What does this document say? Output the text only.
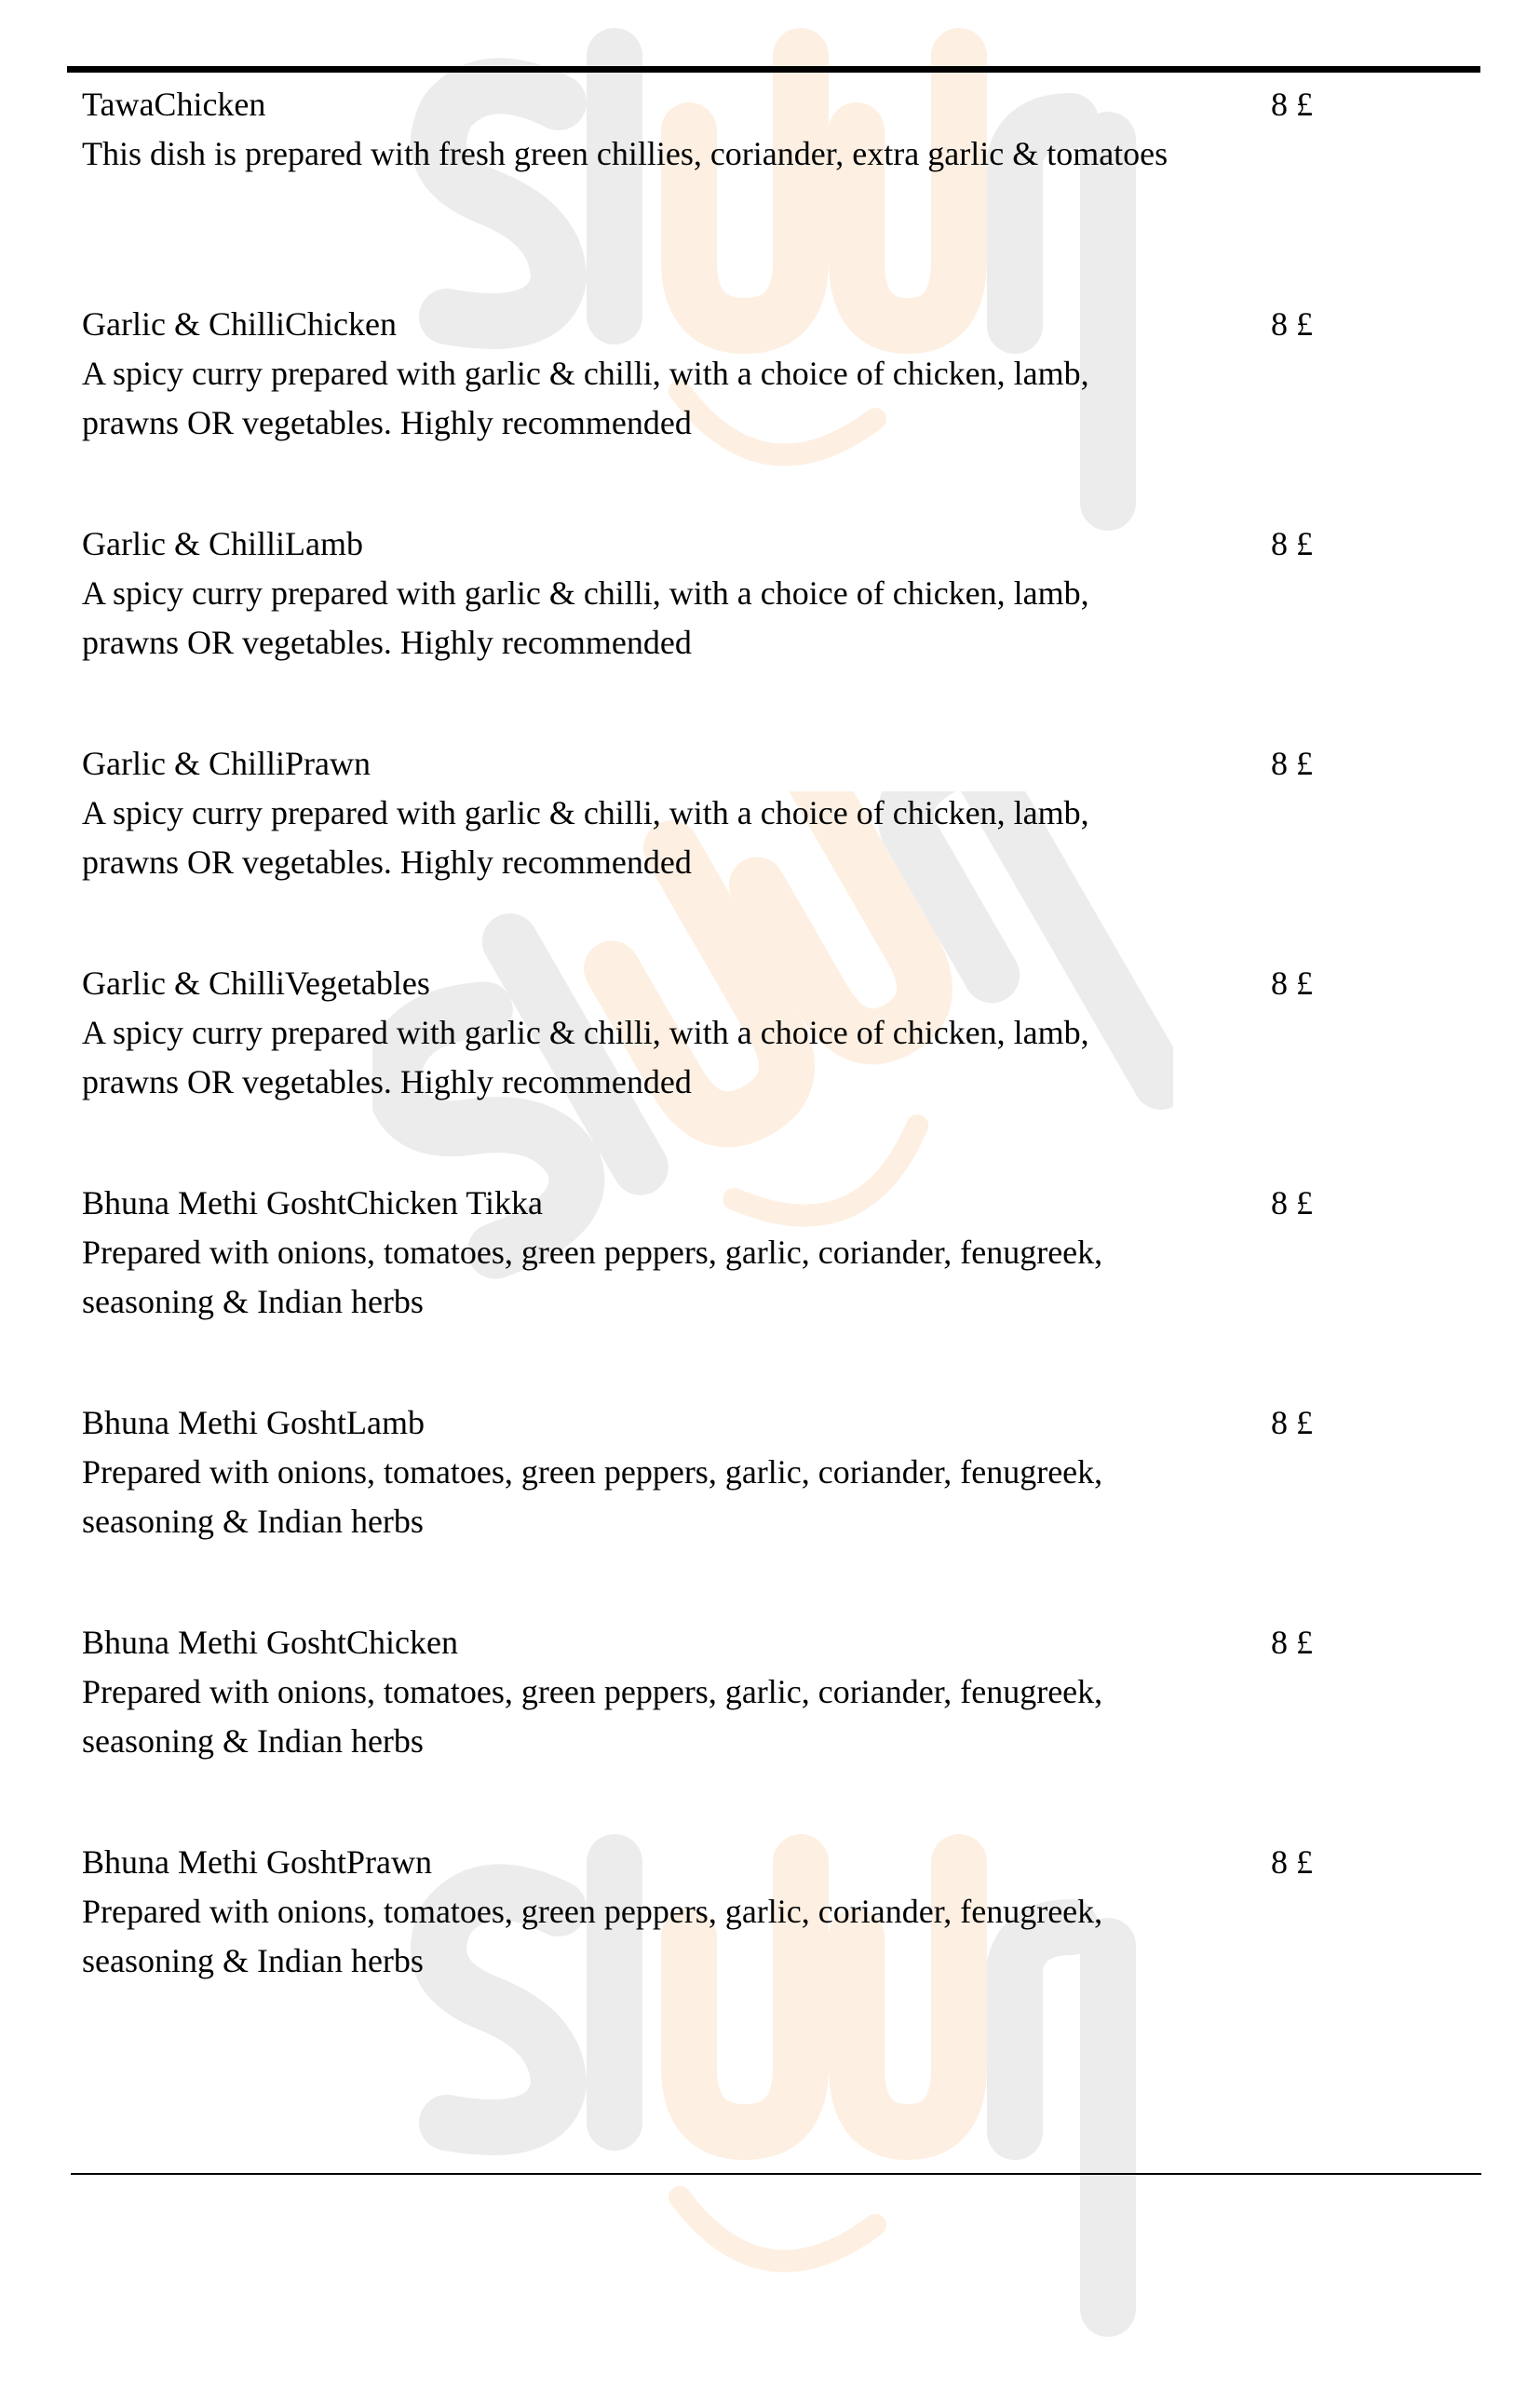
TawaChicken
This dish is prepared with fresh green chillies, coriander, extra garlic & tomatoes
8 £
Garlic & ChilliChicken
A spicy curry prepared with garlic & chilli, with a choice of chicken, lamb, prawns OR vegetables. Highly recommended
8 £
Garlic & ChilliLamb
A spicy curry prepared with garlic & chilli, with a choice of chicken, lamb, prawns OR vegetables. Highly recommended
8 £
Garlic & ChilliPrawn
A spicy curry prepared with garlic & chilli, with a choice of chicken, lamb, prawns OR vegetables. Highly recommended
8 £
Garlic & ChilliVegetables
A spicy curry prepared with garlic & chilli, with a choice of chicken, lamb, prawns OR vegetables. Highly recommended
8 £
Bhuna Methi GoshtChicken Tikka
Prepared with onions, tomatoes, green peppers, garlic, coriander, fenugreek, seasoning & Indian herbs
8 £
Bhuna Methi GoshtLamb
Prepared with onions, tomatoes, green peppers, garlic, coriander, fenugreek, seasoning & Indian herbs
8 £
Bhuna Methi GoshtChicken
Prepared with onions, tomatoes, green peppers, garlic, coriander, fenugreek, seasoning & Indian herbs
8 £
Bhuna Methi GoshtPrawn
Prepared with onions, tomatoes, green peppers, garlic, coriander, fenugreek, seasoning & Indian herbs
8 £
